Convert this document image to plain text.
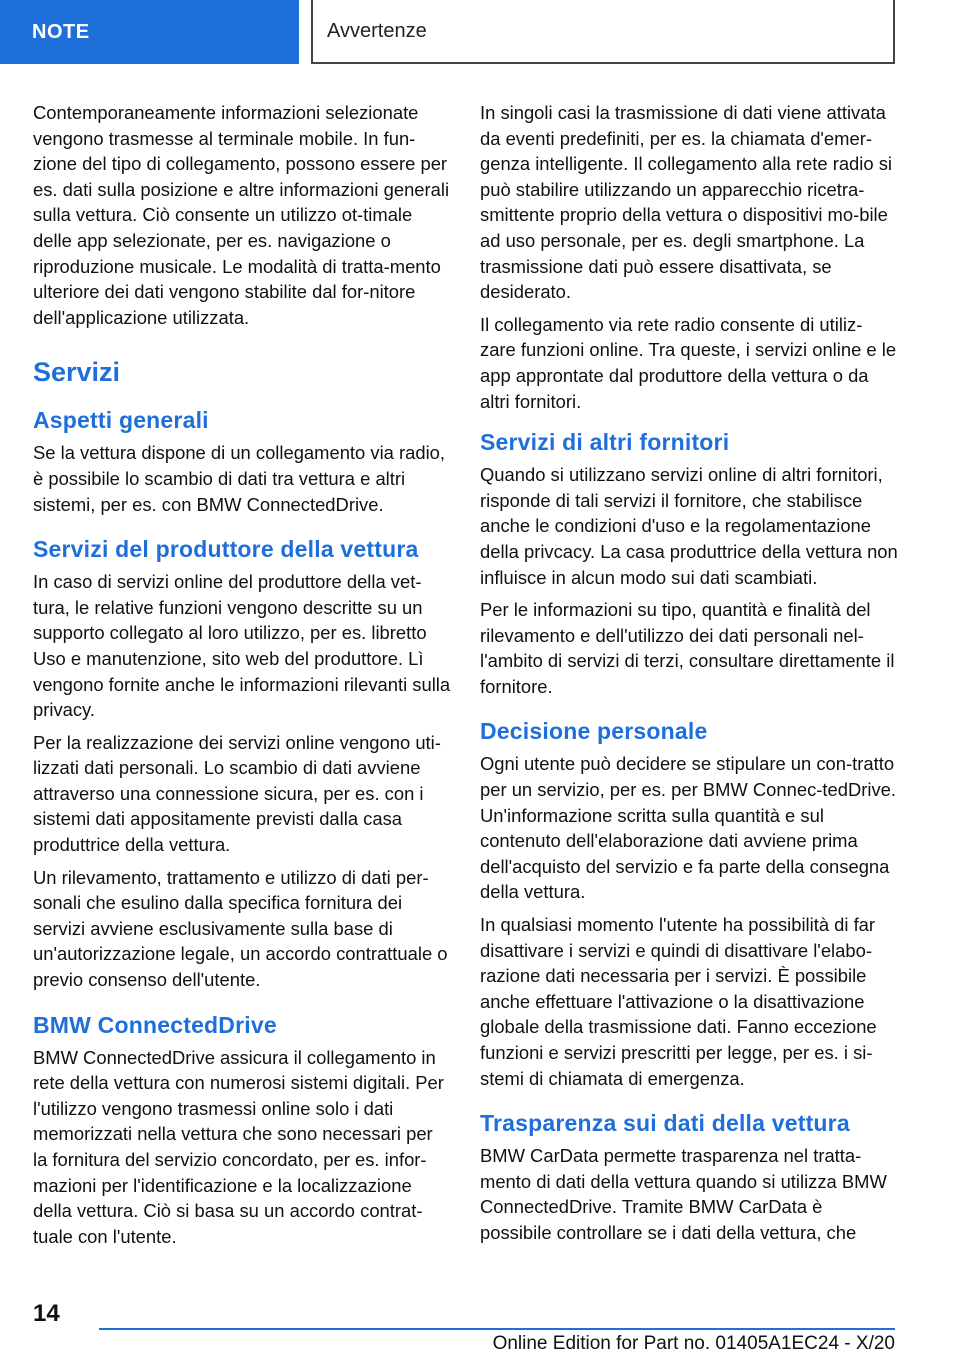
NOTE	Avvertenze

Contemporaneamente informazioni selezionate vengono trasmesse al terminale mobile. In fun-zione del tipo di collegamento, possono essere per es. dati sulla posizione e altre informazioni generali sulla vettura. Ciò consente un utilizzo ot-timale delle app selezionate, per es. navigazione o riproduzione musicale. Le modalità di tratta-mento ulteriore dei dati vengono stabilite dal for-nitore dell'applicazione utilizzata.

Servizi
Aspetti generali

Se la vettura dispone di un collegamento via radio, è possibile lo scambio di dati tra vettura e altri sistemi, per es. con BMW ConnectedDrive.

Servizi del produttore della vettura

In caso di servizi online del produttore della vet-tura, le relative funzioni vengono descritte su un supporto collegato al loro utilizzo, per es. libretto Uso e manutenzione, sito web del produttore. Lì vengono fornite anche le informazioni rilevanti sulla privacy.

Per la realizzazione dei servizi online vengono uti-lizzati dati personali. Lo scambio di dati avviene attraverso una connessione sicura, per es. con i sistemi dati appositamente previsti dalla casa produttrice della vettura.

Un rilevamento, trattamento e utilizzo di dati per-sonali che esulino dalla specifica fornitura dei servizi avviene esclusivamente sulla base di un'autorizzazione legale, un accordo contrattuale o previo consenso dell'utente.

BMW ConnectedDrive

BMW ConnectedDrive assicura il collegamento in rete della vettura con numerosi sistemi digitali. Per l'utilizzo vengono trasmessi online solo i dati memorizzati nella vettura che sono necessari per la fornitura del servizio concordato, per es. infor-mazioni per l'identificazione e la localizzazione della vettura. Ciò si basa su un accordo contrat-tuale con l'utente.

In singoli casi la trasmissione di dati viene attivata da eventi predefiniti, per es. la chiamata d'emer-genza intelligente. Il collegamento alla rete radio si può stabilire utilizzando un apparecchio ricetra-smittente proprio della vettura o dispositivi mo-bile ad uso personale, per es. degli smartphone. La trasmissione dati può essere disattivata, se desiderato.

Il collegamento via rete radio consente di utiliz-zare funzioni online. Tra queste, i servizi online e le app approntate dal produttore della vettura o da altri fornitori.

Servizi di altri fornitori

Quando si utilizzano servizi online di altri fornitori, risponde di tali servizi il fornitore, che stabilisce anche le condizioni d'uso e la regolamentazione della privcacy. La casa produttrice della vettura non influisce in alcun modo sui dati scambiati.

Per le informazioni su tipo, quantità e finalità del rilevamento e dell'utilizzo dei dati personali nel-l'ambito di servizi di terzi, consultare direttamente il fornitore.

Decisione personale

Ogni utente può decidere se stipulare un con-tratto per un servizio, per es. per BMW Connec-tedDrive. Un'informazione scritta sulla quantità e sul contenuto dell'elaborazione dati avviene prima dell'acquisto del servizio e fa parte della consegna della vettura.

In qualsiasi momento l'utente ha possibilità di far disattivare i servizi e quindi di disattivare l'elabo-razione dati necessaria per i servizi. È possibile anche effettuare l'attivazione o la disattivazione globale della trasmissione dati. Fanno eccezione funzioni e servizi prescritti per legge, per es. i si-stemi di chiamata di emergenza.

Trasparenza sui dati della vettura

BMW CarData permette trasparenza nel tratta-mento di dati della vettura quando si utilizza BMW ConnectedDrive. Tramite BMW CarData è possibile controllare se i dati della vettura, che

14
Online Edition for Part no. 01405A1EC24 - X/20
